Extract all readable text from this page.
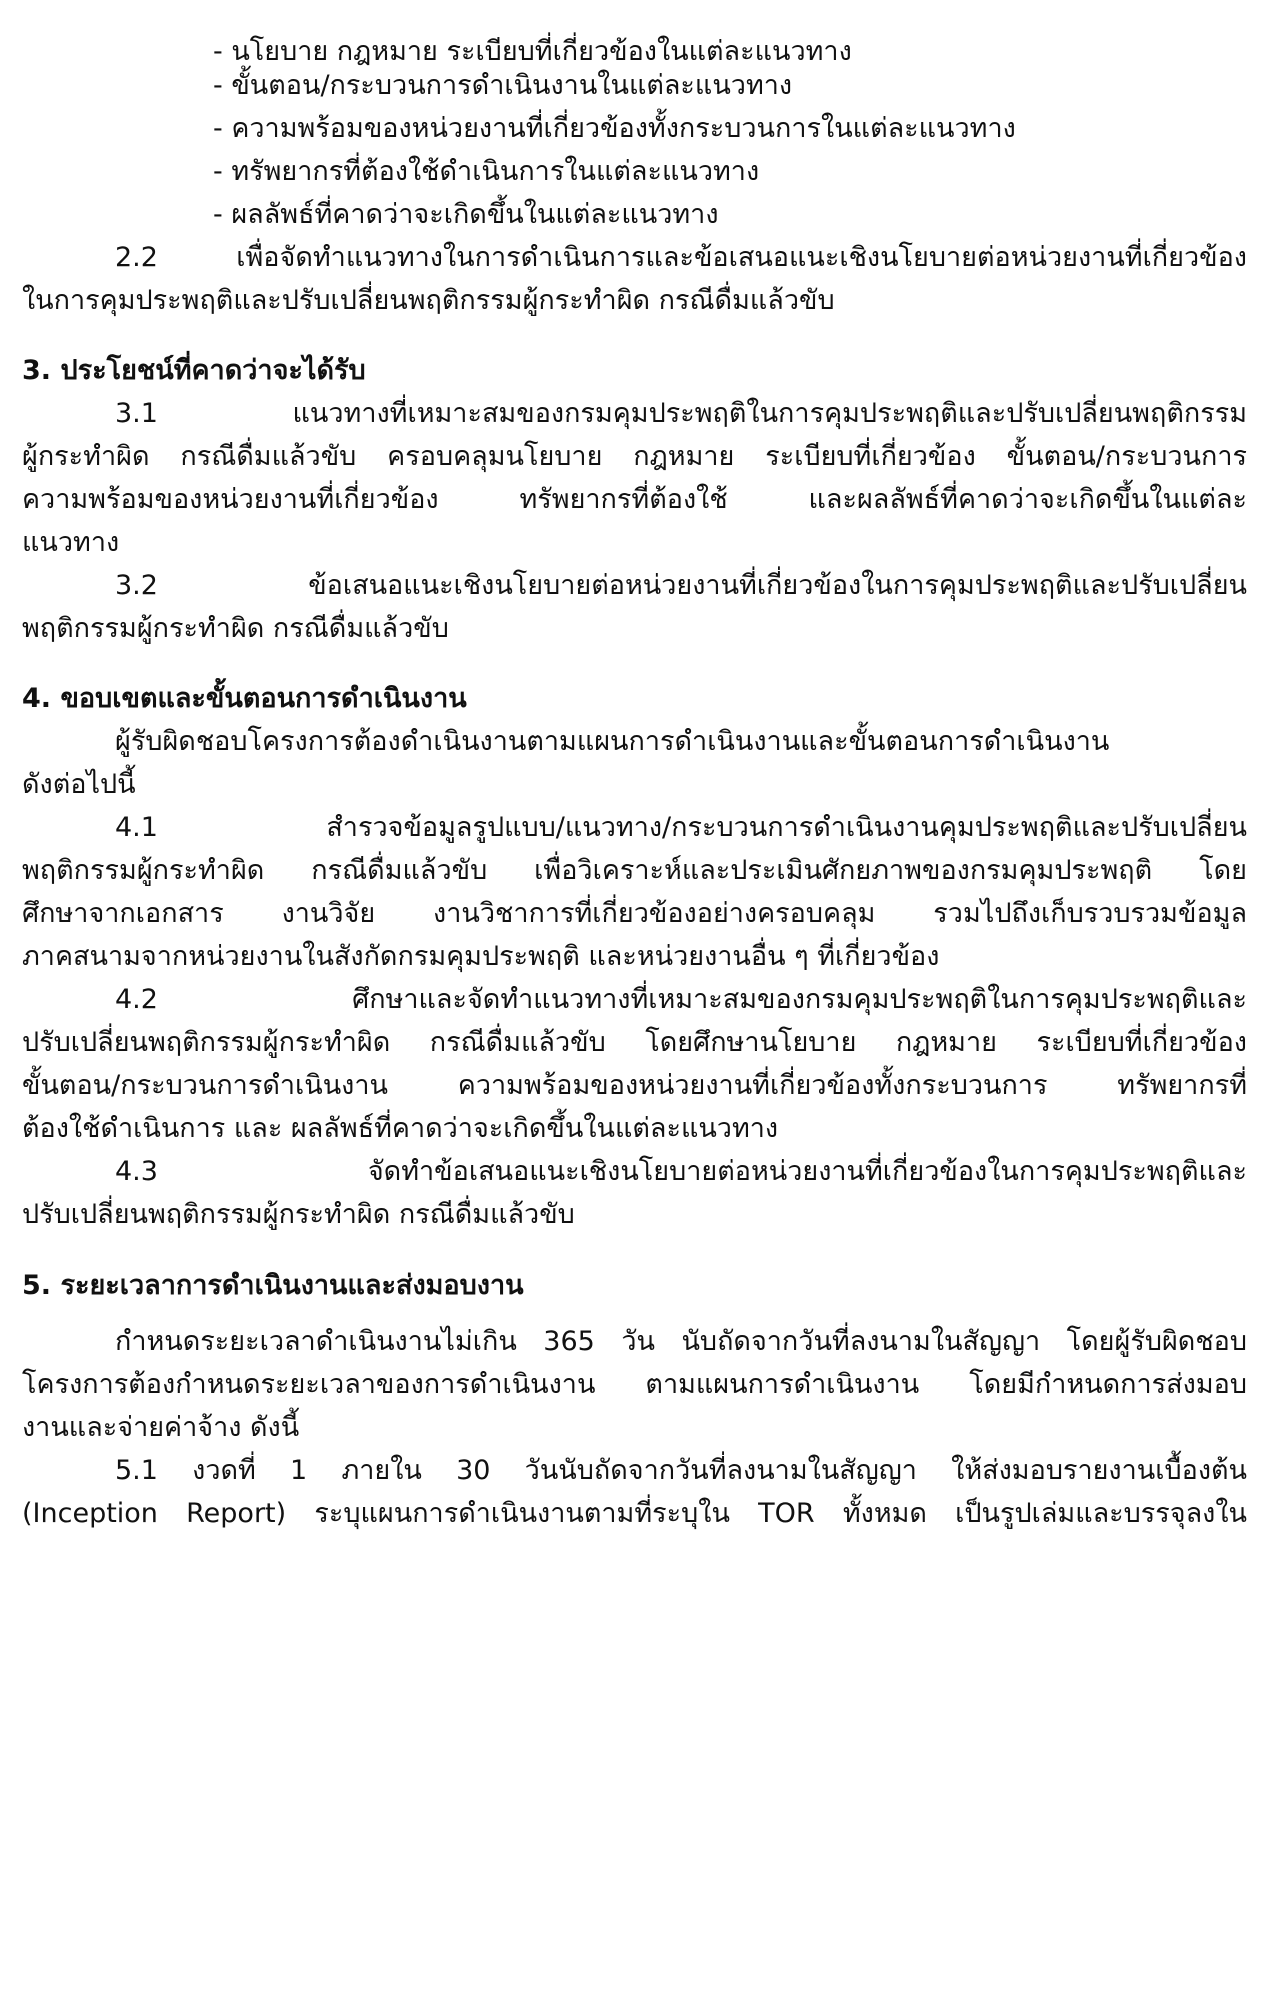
- นโยบาย กฎหมาย ระเบียบที่เกี่ยวข้องในแต่ละแนวทาง
- ขั้นตอน/กระบวนการดำเนินงานในแต่ละแนวทาง
- ความพร้อมของหน่วยงานที่เกี่ยวข้องทั้งกระบวนการในแต่ละแนวทาง
- ทรัพยากรที่ต้องใช้ดำเนินการในแต่ละแนวทาง
- ผลลัพธ์ที่คาดว่าจะเกิดขึ้นในแต่ละแนวทาง
2.2 เพื่อจัดทำแนวทางในการดำเนินการและข้อเสนอแนะเชิงนโยบายต่อหน่วยงานที่เกี่ยวข้อง
ในการคุมประพฤติและปรับเปลี่ยนพฤติกรรมผู้กระทำผิด กรณีดื่มแล้วขับ
3. ประโยชน์ที่คาดว่าจะได้รับ
3.1 แนวทางที่เหมาะสมของกรมคุมประพฤติในการคุมประพฤติและปรับเปลี่ยนพฤติกรรม
ผู้กระทำผิด กรณีดื่มแล้วขับ ครอบคลุมนโยบาย กฎหมาย ระเบียบที่เกี่ยวข้อง ขั้นตอน/กระบวนการ
ความพร้อมของหน่วยงานที่เกี่ยวข้อง ทรัพยากรที่ต้องใช้ และผลลัพธ์ที่คาดว่าจะเกิดขึ้นในแต่ละ
แนวทาง
3.2 ข้อเสนอแนะเชิงนโยบายต่อหน่วยงานที่เกี่ยวข้องในการคุมประพฤติและปรับเปลี่ยน
พฤติกรรมผู้กระทำผิด กรณีดื่มแล้วขับ
4. ขอบเขตและขั้นตอนการดำเนินงาน
ผู้รับผิดชอบโครงการต้องดำเนินงานตามแผนการดำเนินงานและขั้นตอนการดำเนินงาน
ดังต่อไปนี้
4.1 สำรวจข้อมูลรูปแบบ/แนวทาง/กระบวนการดำเนินงานคุมประพฤติและปรับเปลี่ยน
พฤติกรรมผู้กระทำผิด กรณีดื่มแล้วขับ เพื่อวิเคราะห์และประเมินศักยภาพของกรมคุมประพฤติ โดย
ศึกษาจากเอกสาร งานวิจัย งานวิชาการที่เกี่ยวข้องอย่างครอบคลุม รวมไปถึงเก็บรวบรวมข้อมูล
ภาคสนามจากหน่วยงานในสังกัดกรมคุมประพฤติ และหน่วยงานอื่น ๆ ที่เกี่ยวข้อง
4.2 ศึกษาและจัดทำแนวทางที่เหมาะสมของกรมคุมประพฤติในการคุมประพฤติและ
ปรับเปลี่ยนพฤติกรรมผู้กระทำผิด กรณีดื่มแล้วขับ โดยศึกษานโยบาย กฎหมาย ระเบียบที่เกี่ยวข้อง
ขั้นตอน/กระบวนการดำเนินงาน ความพร้อมของหน่วยงานที่เกี่ยวข้องทั้งกระบวนการ ทรัพยากรที่
ต้องใช้ดำเนินการ และ ผลลัพธ์ที่คาดว่าจะเกิดขึ้นในแต่ละแนวทาง
4.3 จัดทำข้อเสนอแนะเชิงนโยบายต่อหน่วยงานที่เกี่ยวข้องในการคุมประพฤติและ
ปรับเปลี่ยนพฤติกรรมผู้กระทำผิด กรณีดื่มแล้วขับ
5. ระยะเวลาการดำเนินงานและส่งมอบงาน
กำหนดระยะเวลาดำเนินงานไม่เกิน 365 วัน นับถัดจากวันที่ลงนามในสัญญา โดยผู้รับผิดชอบ
โครงการต้องกำหนดระยะเวลาของการดำเนินงาน ตามแผนการดำเนินงาน โดยมีกำหนดการส่งมอบ
งานและจ่ายค่าจ้าง ดังนี้
5.1 งวดที่ 1 ภายใน 30 วันนับถัดจากวันที่ลงนามในสัญญา ให้ส่งมอบรายงานเบื้องต้น
(Inception Report) ระบุแผนการดำเนินงานตามที่ระบุใน TOR ทั้งหมด เป็นรูปเล่มและบรรจุลงใน
